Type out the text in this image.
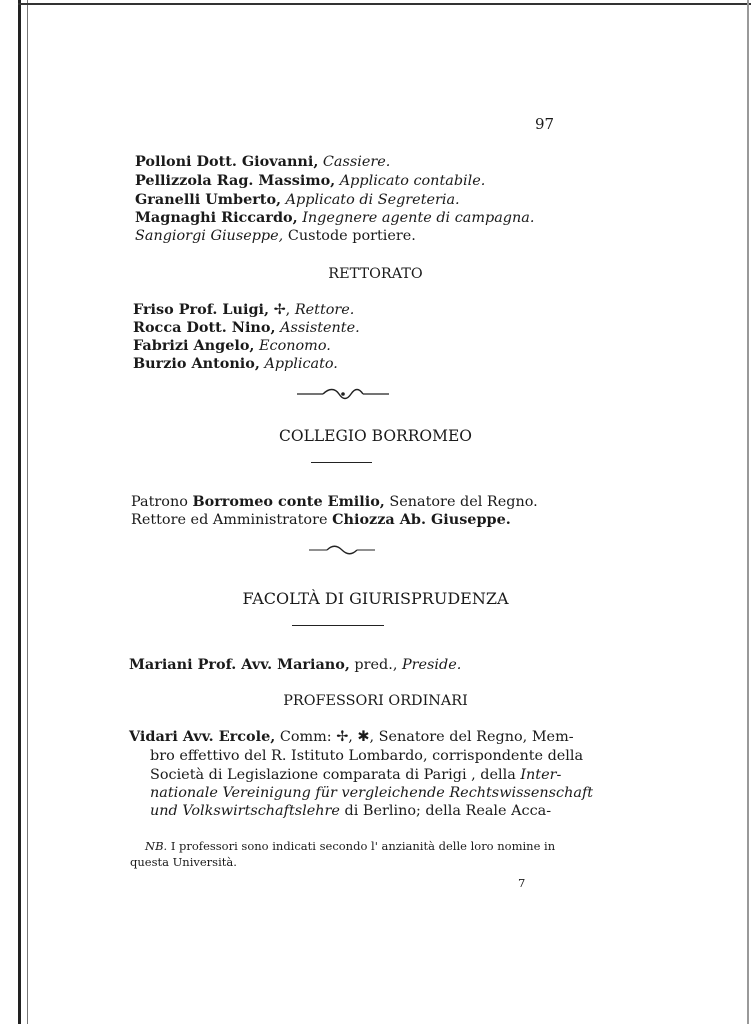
97
Polloni Dott. Giovanni, Cassiere.
Pellizzola Rag. Massimo, Applicato contabile.
Granelli Umberto, Applicato di Segreteria.
Magnaghi Riccardo, Ingegnere agente di campagna.
Sangiorgi Giuseppe, Custode portiere.
RETTORATO
Friso Prof. Luigi, ✢, Rettore.
Rocca Dott. Nino, Assistente.
Fabrizi Angelo, Economo.
Burzio Antonio, Applicato.
COLLEGIO BORROMEO
Patrono Borromeo conte Emilio, Senatore del Regno.
Rettore ed Amministratore Chiozza Ab. Giuseppe.
FACOLTÀ DI GIURISPRUDENZA
Mariani Prof. Avv. Mariano, pred., Preside.
PROFESSORI ORDINARI
Vidari Avv. Ercole, Comm: ✢, ✱, Senatore del Regno, Mem-
bro effettivo del R. Istituto Lombardo, corrispondente della
Società di Legislazione comparata di Parigi , della Inter-
nationale Vereinigung für vergleichende Rechtswissenschaft
und Volkswirtschaftslehre di Berlino; della Reale Acca-
NB. I professori sono indicati secondo l' anzianità delle loro nomine in
questa Università.
7
